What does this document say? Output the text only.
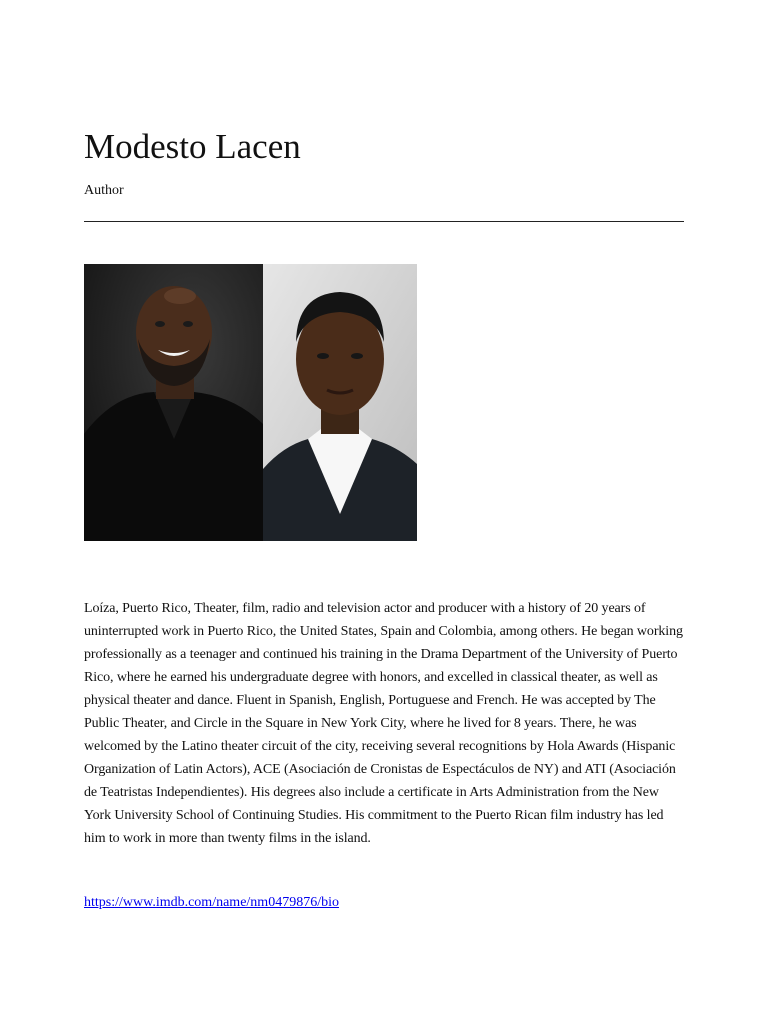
Modesto Lacen
Author

Loíza, Puerto Rico, Theater, film, radio and television actor and producer with a history of 20 years of uninterrupted work in Puerto Rico, the United States, Spain and Colombia, among others. He began working professionally as a teenager and continued his training in the Drama Department of the University of Puerto Rico, where he earned his undergraduate degree with honors, and excelled in classical theater, as well as physical theater and dance. Fluent in Spanish, English, Portuguese and French. He was accepted by The Public Theater, and Circle in the Square in New York City, where he lived for 8 years. There, he was welcomed by the Latino theater circuit of the city, receiving several recognitions by Hola Awards (Hispanic Organization of Latin Actors), ACE (Asociación de Cronistas de Espectáculos de NY) and ATI (Asociación de Teatristas Independientes). His degrees also include a certificate in Arts Administration from the New York University School of Continuing Studies. His commitment to the Puerto Rican film industry has led him to work in more than twenty films in the island.

https://www.imdb.com/name/nm0479876/bio
